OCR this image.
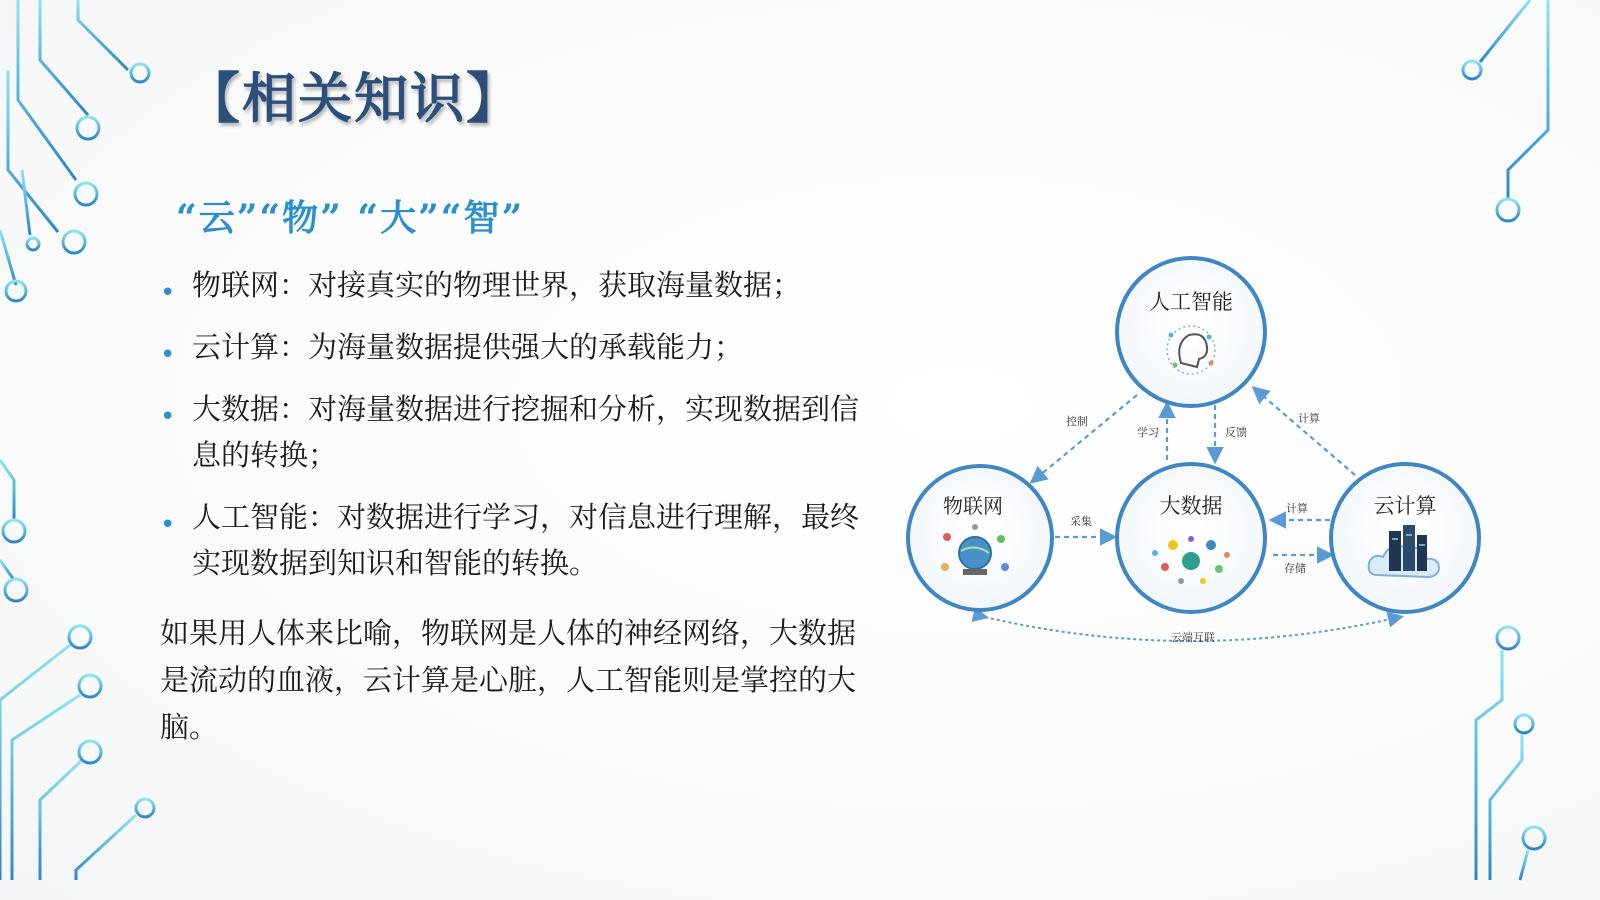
【相关知识】
“云”“物” “大”“智”
• 物联网：对接真实的物理世界，获取海量数据；
• 云计算：为海量数据提供强大的承载能力；
• 大数据：对海量数据进行挖掘和分析，实现数据到信息的转换；
• 人工智能：对数据进行学习，对信息进行理解，最终实现数据到知识和智能的转换。

如果用人体来比喻，物联网是人体的神经网络，大数据是流动的血液，云计算是心脏，人工智能则是掌控的大脑。

控制
学习	反馈
计算
采集
计算
存储
云端互联
人工智能
物联网	大数据	云计算
